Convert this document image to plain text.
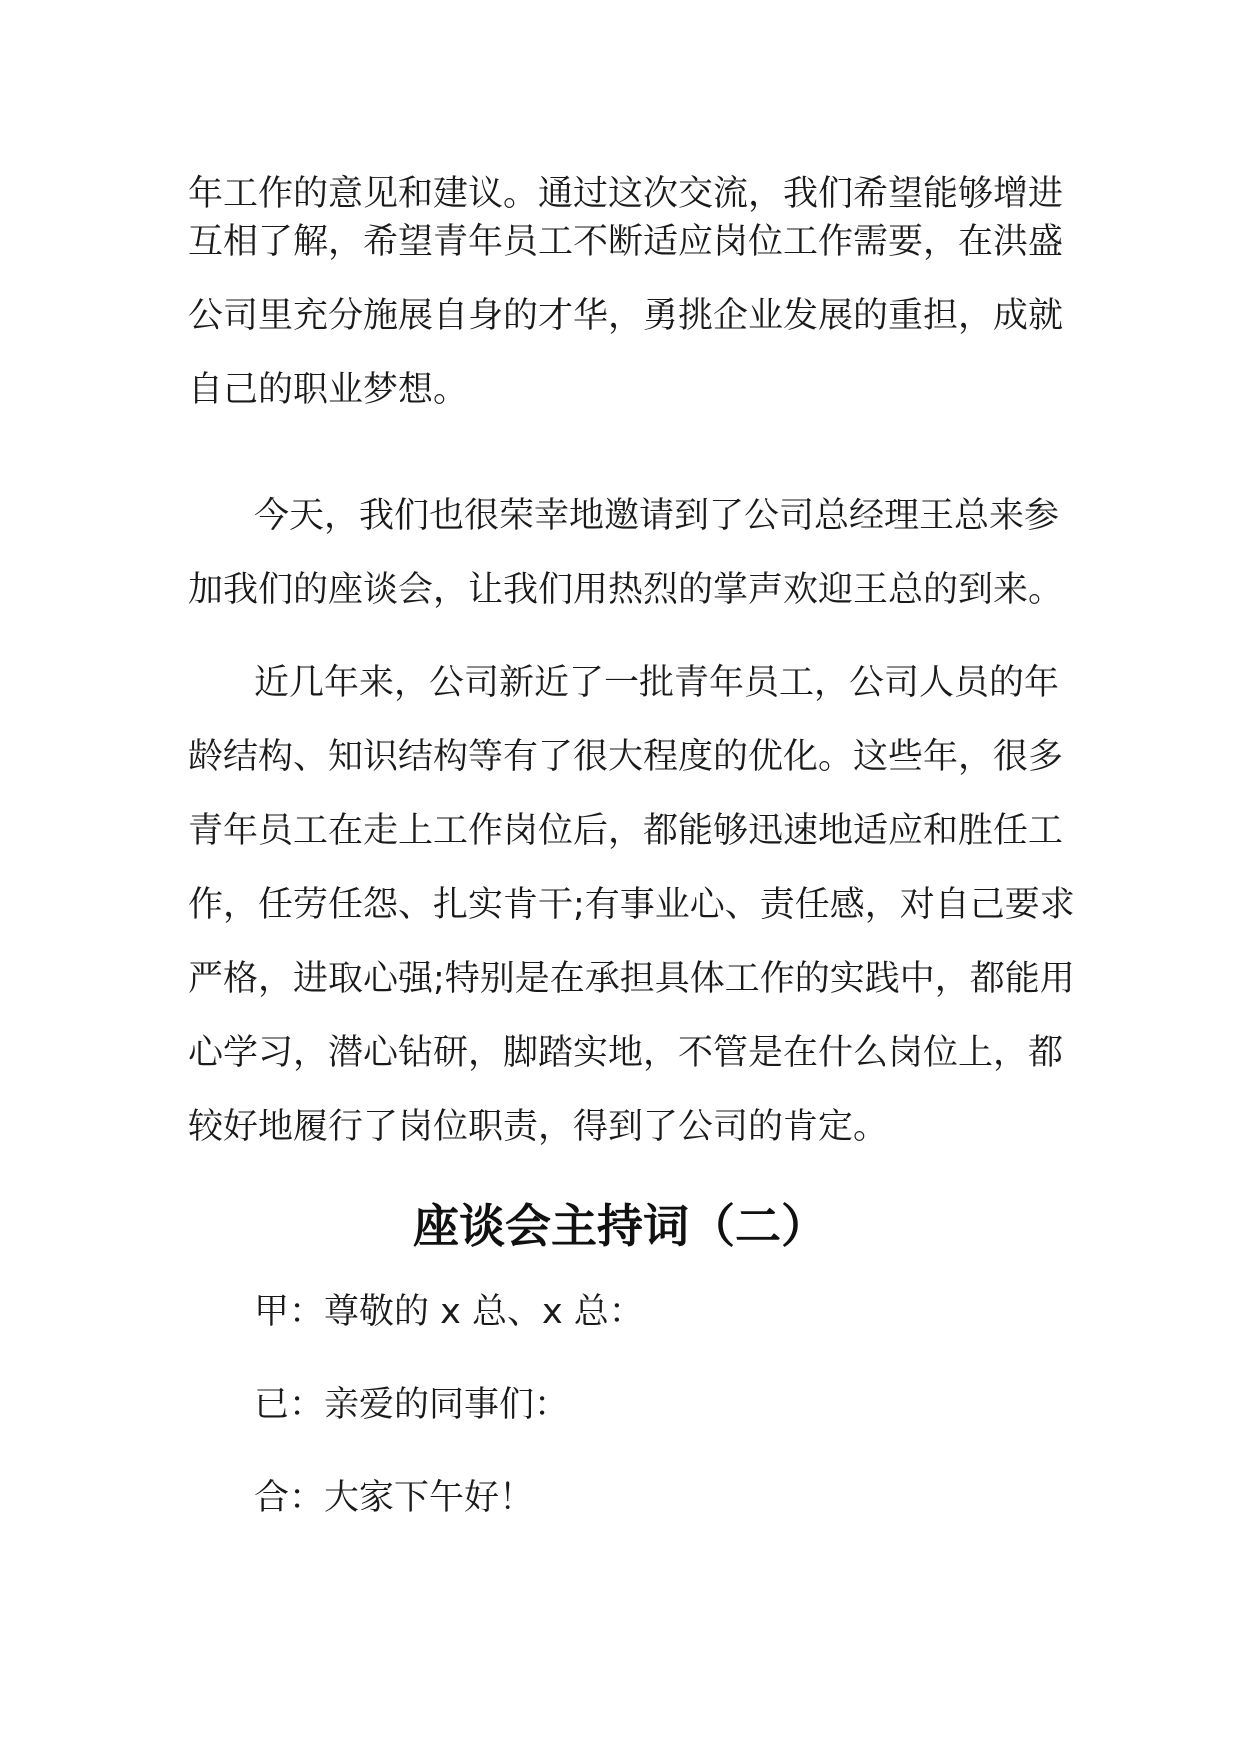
年工作的意见和建议。通过这次交流，我们希望能够增进
互相了解，希望青年员工不断适应岗位工作需要，在洪盛
公司里充分施展自身的才华，勇挑企业发展的重担，成就
自己的职业梦想。
今天，我们也很荣幸地邀请到了公司总经理王总来参
加我们的座谈会，让我们用热烈的掌声欢迎王总的到来。
近几年来，公司新近了一批青年员工，公司人员的年
龄结构、知识结构等有了很大程度的优化。这些年，很多
青年员工在走上工作岗位后，都能够迅速地适应和胜任工
作，任劳任怨、扎实肯干;有事业心、责任感，对自己要求
严格，进取心强;特别是在承担具体工作的实践中，都能用
心学习，潜心钻研，脚踏实地，不管是在什么岗位上，都
较好地履行了岗位职责，得到了公司的肯定。
座谈会主持词（二）
甲：尊敬的 x 总、x 总：
已：亲爱的同事们：
合：大家下午好！
